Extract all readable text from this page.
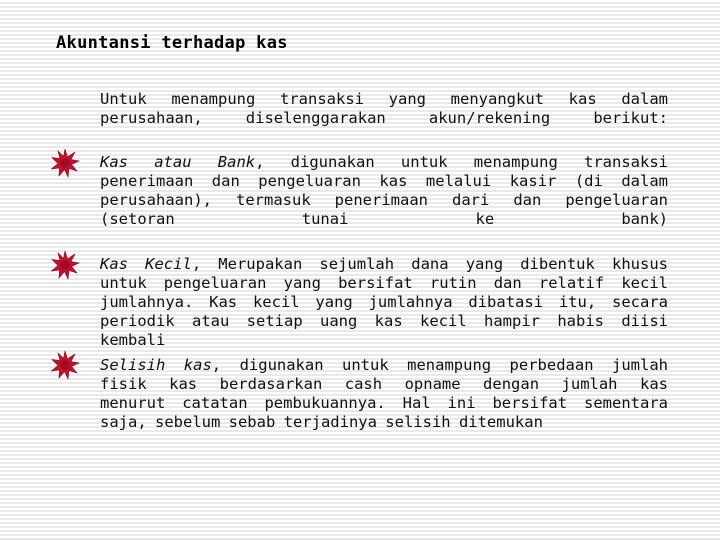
Akuntansi terhadap kas
Untuk menampung transaksi yang menyangkut kas dalam
perusahaan, diselenggarakan akun/rekening berikut:
Kas atau Bank, digunakan untuk menampung transaksi
penerimaan dan pengeluaran kas melalui kasir (di dalam
perusahaan), termasuk penerimaan dari dan pengeluaran
(setoran tunai ke bank)
Kas Kecil, Merupakan sejumlah dana yang dibentuk khusus
untuk pengeluaran yang bersifat rutin dan relatif kecil
jumlahnya. Kas kecil yang jumlahnya dibatasi itu, secara
periodik atau setiap uang kas kecil hampir habis diisi kembali
Selisih kas, digunakan untuk menampung perbedaan jumlah
fisik kas berdasarkan cash opname dengan jumlah kas
menurut catatan pembukuannya. Hal ini bersifat sementara
saja, sebelum sebab terjadinya selisih ditemukan
